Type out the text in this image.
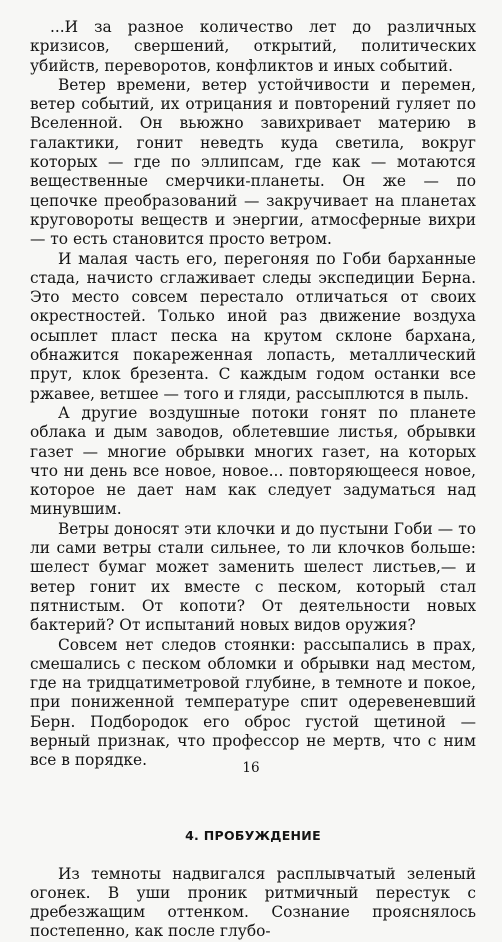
...И за разное количество лет до различных кризисов, свершений, открытий, политических убийств, переворотов, конфликтов и иных событий.

Ветер времени, ветер устойчивости и перемен, ветер событий, их отрицания и повторений гуляет по Вселенной. Он вьюжно завихривает материю в галактики, гонит неведть куда светила, вокруг которых — где по эллипсам, где как — мотаются вещественные смерчики-планеты. Он же — по цепочке преобразований — закручивает на планетах круговороты веществ и энергии, атмосферные вихри — то есть становится просто ветром.

И малая часть его, перегоняя по Гоби барханные стада, начисто сглаживает следы экспедиции Берна. Это место совсем перестало отличаться от своих окрестностей. Только иной раз движение воздуха осыплет пласт песка на крутом склоне бархана, обнажится покареженная лопасть, металлический прут, клок брезента. С каждым годом останки все ржавее, ветшее — того и гляди, рассыплются в пыль.

А другие воздушные потоки гонят по планете облака и дым заводов, облетевшие листья, обрывки газет — многие обрывки многих газет, на которых что ни день все новое, новое... повторяющееся новое, которое не дает нам как следует задуматься над минувшим.

Ветры доносят эти клочки и до пустыни Гоби — то ли сами ветры стали сильнее, то ли клочков больше: шелест бумаг может заменить шелест листьев,— и ветер гонит их вместе с песком, который стал пятнистым. От копоти? От деятельности новых бактерий? От испытаний новых видов оружия?

Совсем нет следов стоянки: рассыпались в прах, смешались с песком обломки и обрывки над местом, где на тридцатиметровой глубине, в темноте и покое, при пониженной температуре спит одеревеневший Берн. Подбородок его оброс густой щетиной — верный признак, что профессор не мертв, что с ним все в порядке.

4. ПРОБУЖДЕНИЕ

Из темноты надвигался расплывчатый зеленый огонек. В уши проник ритмичный перестук с дребезжащим оттенком. Сознание прояснялось постепенно, как после глубо-

16
